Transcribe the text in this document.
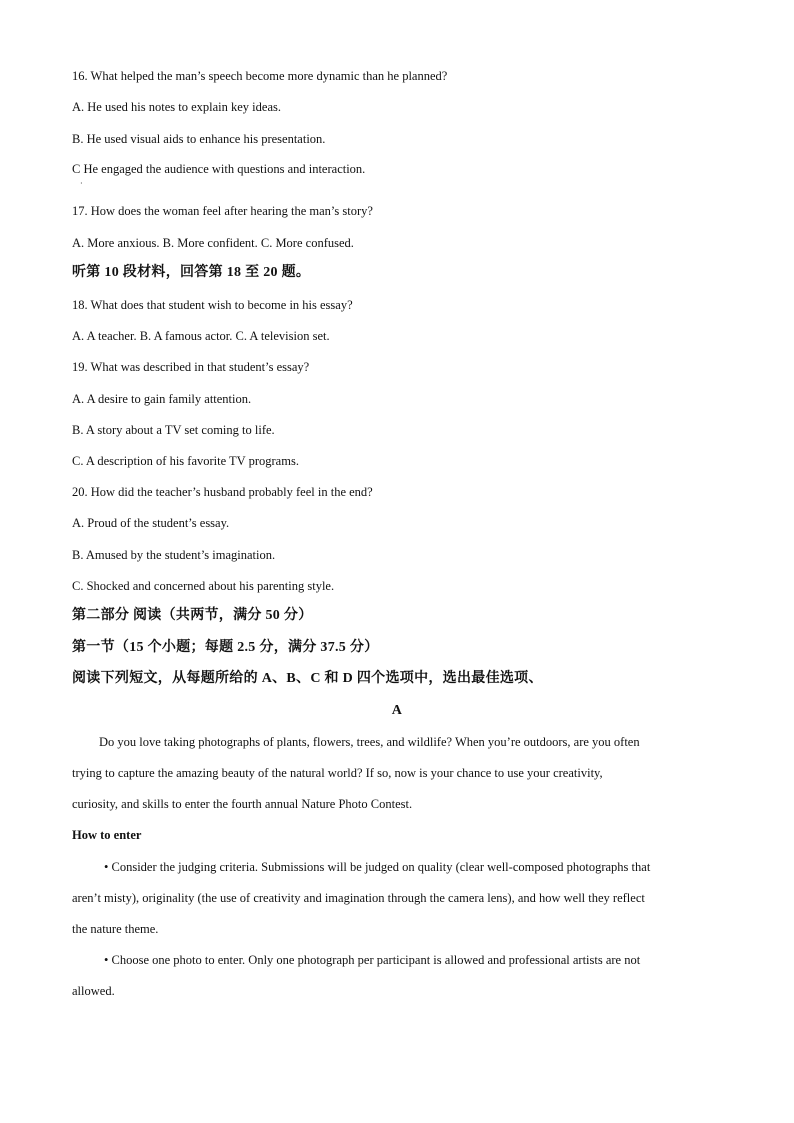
16. What helped the man’s speech become more dynamic than he planned?
A. He used his notes to explain key ideas.
B. He used visual aids to enhance his presentation.
C He engaged the audience with questions and interaction.
·
17. How does the woman feel after hearing the man’s story?
A. More anxious. B. More confident. C. More confused.
听第 10 段材料，回答第 18 至 20 题。
18. What does that student wish to become in his essay?
A. A teacher. B. A famous actor. C. A television set.
19. What was described in that student’s essay?
A. A desire to gain family attention.
B. A story about a TV set coming to life.
C. A description of his favorite TV programs.
20. How did the teacher’s husband probably feel in the end?
A. Proud of the student’s essay.
B. Amused by the student’s imagination.
C. Shocked and concerned about his parenting style.
第二部分 阅读（共两节，满分 50 分）
第一节（15 个小题；每题 2.5 分，满分 37.5 分）
阅读下列短文，从每题所给的 A、B、C 和 D 四个选项中，选出最佳选项、
A
Do you love taking photographs of plants, flowers, trees, and wildlife? When you’re outdoors, are you often
trying to capture the amazing beauty of the natural world? If so, now is your chance to use your creativity,
curiosity, and skills to enter the fourth annual Nature Photo Contest.
How to enter
• Consider the judging criteria. Submissions will be judged on quality (clear well-composed photographs that
aren’t misty), originality (the use of creativity and imagination through the camera lens), and how well they reflect
the nature theme.
• Choose one photo to enter. Only one photograph per participant is allowed and professional artists are not
allowed.
